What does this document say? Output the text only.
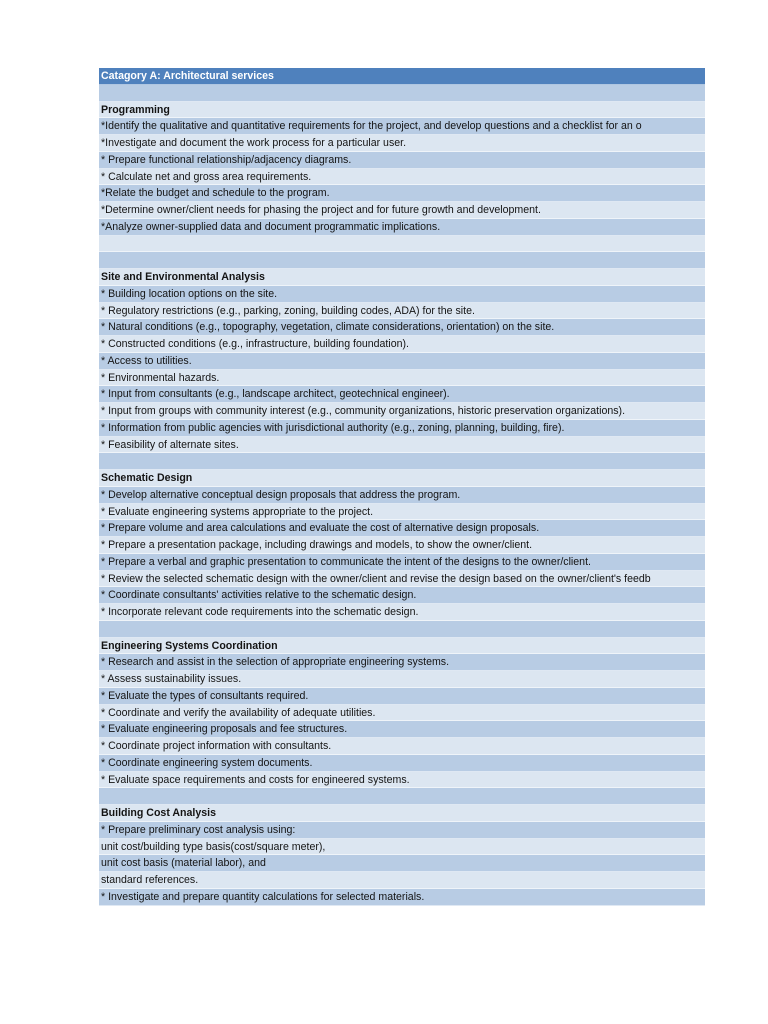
Catagory A: Architectural services
Programming
*Identify the qualitative and quantitative requirements for the project, and develop questions and a checklist for an o
*Investigate and document the work process for a particular user.
* Prepare functional relationship/adjacency diagrams.
* Calculate net and gross area requirements.
*Relate the budget and schedule to the program.
*Determine owner/client needs for phasing the project and for future growth and development.
*Analyze owner-supplied data and document programmatic implications.
Site and Environmental Analysis
* Building location options on the site.
* Regulatory restrictions (e.g., parking, zoning, building codes, ADA) for the site.
* Natural conditions (e.g., topography, vegetation, climate considerations, orientation) on the site.
* Constructed conditions (e.g., infrastructure, building foundation).
* Access to utilities.
* Environmental hazards.
* Input from consultants (e.g., landscape architect, geotechnical engineer).
* Input from groups with community interest (e.g., community organizations, historic preservation organizations).
* Information from public agencies with jurisdictional authority (e.g., zoning, planning, building, fire).
* Feasibility of alternate sites.
Schematic Design
* Develop alternative conceptual design proposals that address the program.
* Evaluate engineering systems appropriate to the project.
* Prepare volume and area calculations and evaluate the cost of alternative design proposals.
* Prepare a presentation package, including drawings and models, to show the owner/client.
* Prepare a verbal and graphic presentation to communicate the intent of the designs to the owner/client.
* Review the selected schematic design with the owner/client and revise the design based on the owner/client's feedb
* Coordinate consultants' activities relative to the schematic design.
* Incorporate relevant code requirements into the schematic design.
Engineering Systems Coordination
* Research and assist in the selection of appropriate engineering systems.
* Assess sustainability issues.
* Evaluate the types of consultants required.
* Coordinate and verify the availability of adequate utilities.
* Evaluate engineering proposals and fee structures.
* Coordinate project information with consultants.
* Coordinate engineering system documents.
* Evaluate space requirements and costs for engineered systems.
Building Cost Analysis
* Prepare preliminary cost analysis using:
unit cost/building type basis(cost/square meter),
unit cost basis (material labor), and
standard references.
* Investigate and prepare quantity calculations for selected materials.
